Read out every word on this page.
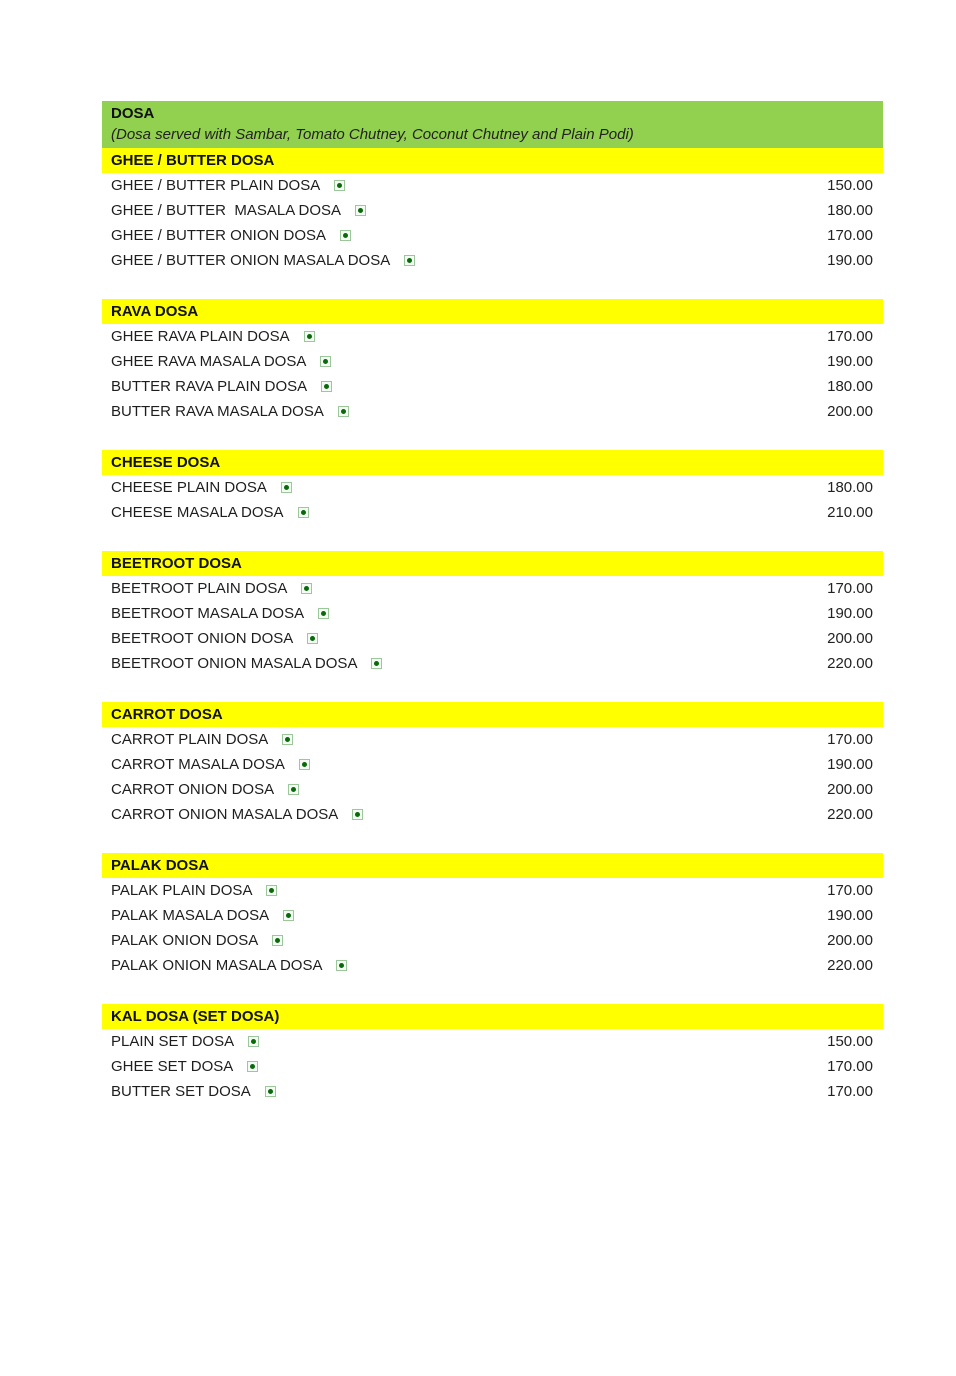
DOSA
(Dosa served with Sambar, Tomato Chutney, Coconut Chutney and Plain Podi)
GHEE / BUTTER DOSA
GHEE / BUTTER PLAIN DOSA	150.00
GHEE / BUTTER  MASALA DOSA	180.00
GHEE / BUTTER ONION DOSA	170.00
GHEE / BUTTER ONION MASALA DOSA	190.00
RAVA DOSA
GHEE RAVA PLAIN DOSA	170.00
GHEE RAVA MASALA DOSA	190.00
BUTTER RAVA PLAIN DOSA	180.00
BUTTER RAVA MASALA DOSA	200.00
CHEESE DOSA
CHEESE PLAIN DOSA	180.00
CHEESE MASALA DOSA	210.00
BEETROOT DOSA
BEETROOT PLAIN DOSA	170.00
BEETROOT MASALA DOSA	190.00
BEETROOT ONION DOSA	200.00
BEETROOT ONION MASALA DOSA	220.00
CARROT DOSA
CARROT PLAIN DOSA	170.00
CARROT MASALA DOSA	190.00
CARROT ONION DOSA	200.00
CARROT ONION MASALA DOSA	220.00
PALAK DOSA
PALAK PLAIN DOSA	170.00
PALAK MASALA DOSA	190.00
PALAK ONION DOSA	200.00
PALAK ONION MASALA DOSA	220.00
KAL DOSA (SET DOSA)
PLAIN SET DOSA	150.00
GHEE SET DOSA	170.00
BUTTER SET DOSA	170.00
